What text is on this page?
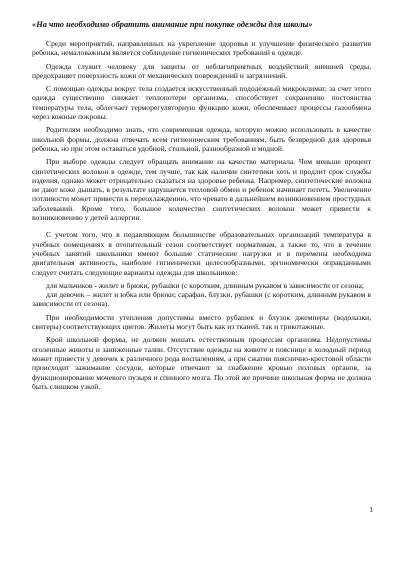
«На что необходимо обратить внимание при покупке одежды для школы»

Среди мероприятий, направленных на укрепление здоровья и улучшение физического развития ребенка, немаловажным является соблюдение гигиенических требований к одежде.

Одежда служит человеку для защиты от неблагоприятных воздействий внешней среды, предохраняет поверхность кожи от механических повреждений и загрязнений.

С помощью одежды вокруг тела создается искусственный пододе́жный микроклимат, за счет этого одежда существенно снижает теплопотери организма, способствует сохранению постоянства температуры тела, облегчает терморегуляторную функцию кожи, обеспечивает процессы газообмена через кожные покровы.

Родителям необходимо знать, что современная одежда, которую можно использовать в качестве школьной формы, должна отвечать всем гигиеническим требованиям, быть безвредной для здоровья ребенка, но при этом оставаться удобной, стильной, разнообразной и модной.

При выборе одежды следует обращать внимание на качество материала. Чем меньше процент синтетических волокон в одежде, тем лучше, так как наличие синтетики хоть и продлит срок службы изделия, однако может отрицательно сказаться на здоровье ребенка. Например, синтетические волокна не дают коже дышать, в результате нарушается тепловой обмен и ребенок начинает потеть. Увеличение потливости может привести к переохлаждению, что чревато в дальнейшем возникновением простудных заболеваний. Кроме того, большое количество синтетических волокон может привести к возникновению у детей аллергии.

С учетом того, что в подавляющем большинстве образовательных организаций температура в учебных помещениях в отопительный сезон соответствует нормативам, а также то, что в течение учебных занятий школьники имеют большие статические нагрузки и в перемены необходима двигательная активность, наиболее гигиенически целесообразными, эргономически оправданными следует считать следующие варианты одежды для школьников:

для мальчиков - жилет и брюки, рубашки (с коротким, длинным рукавом в зависимости от сезона;

для девочек – жилет и юбка или брюки; сарафан, блузки, рубашки (с коротким, длинным рукавом в зависимости от сезона).

При необходимости утепления допустимы вместо рубашек и блузок джемперы (водолазки, свитеры) соответствующих цветов. Жилеты могут быть как из тканей, так и трикотажные.

Крой школьной формы, не должен мешать естественным процессам организма. Недопустимы оголенные животы и заниженные талии. Отсутствие одежды на животе и пояснице в холодный период может привести у девочек к различного рода воспалениям, а при сжатии пояснично-крестовой области происходит зажимание сосудов, которые отвечают за снабжение кровью половых органов, за функционирование мочевого пузыря и спинного мозга. По этой же причине школьная форма не должна быть слишком узкой.

1
